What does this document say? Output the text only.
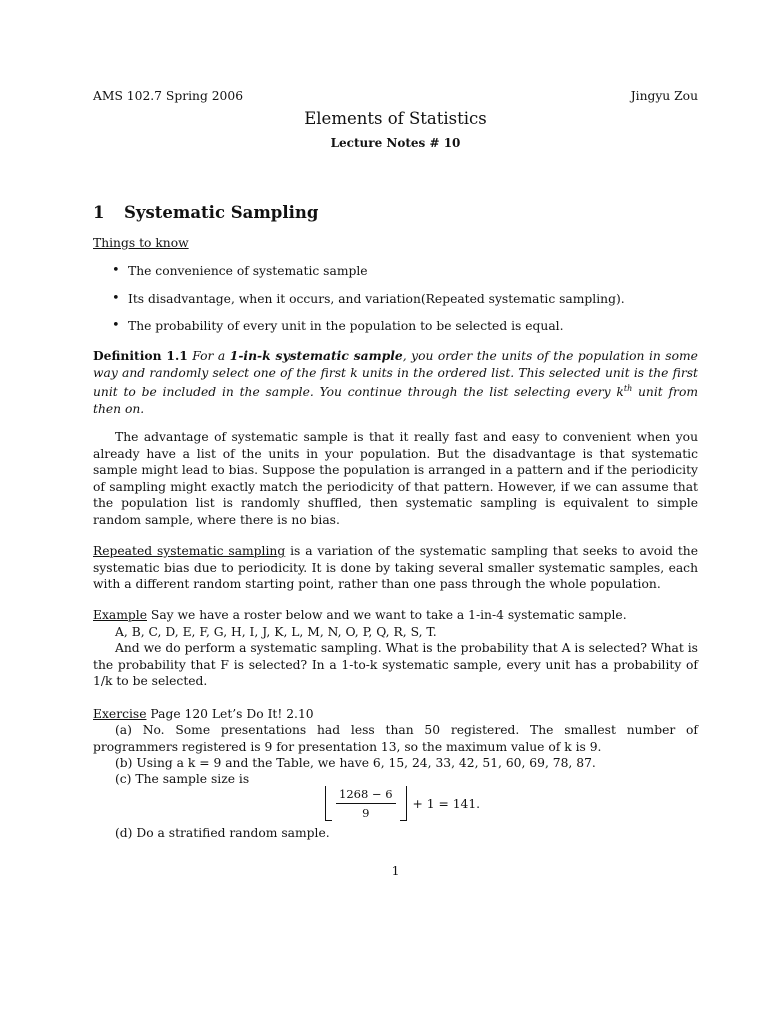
AMS 102.7 Spring 2006	Jingyu Zou
Elements of Statistics
Lecture Notes # 10
1 Systematic Sampling
Things to know
• The convenience of systematic sample
• Its disadvantage, when it occurs, and variation(Repeated systematic sampling).
• The probability of every unit in the population to be selected is equal.
Definition 1.1 For a 1-in-k systematic sample, you order the units of the population in some way and randomly select one of the first k units in the ordered list. This selected unit is the first unit to be included in the sample. You continue through the list selecting every $k^{th}$ unit from then on.
The advantage of systematic sample is that it really fast and easy to convenient when you already have a list of the units in your population. But the disadvantage is that systematic sample might lead to bias. Suppose the population is arranged in a pattern and if the periodicity of sampling might exactly match the periodicity of that pattern. However, if we can assume that the population list is randomly shuffled, then systematic sampling is equivalent to simple random sample, where there is no bias.
Repeated systematic sampling is a variation of the systematic sampling that seeks to avoid the systematic bias due to periodicity. It is done by taking several smaller systematic samples, each with a different random starting point, rather than one pass through the whole population.
Example Say we have a roster below and we want to take a 1-in-4 systematic sample.
A, B, C, D, E, F, G, H, I, J, K, L, M, N, O, P, Q, R, S, T.
And we do perform a systematic sampling. What is the probability that A is selected? What is the probability that F is selected? In a 1-to-k systematic sample, every unit has a probability of 1/k to be selected.
Exercise Page 120 Let’s Do It! 2.10
(a) No. Some presentations had less than 50 registered. The smallest number of programmers registered is 9 for presentation 13, so the maximum value of k is 9.
(b) Using a k = 9 and the Table, we have 6, 15, 24, 33, 42, 51, 60, 69, 78, 87.
(c) The sample size is
$\frac{1268 - 6}{9} + 1 = 141$.
(d) Do a stratified random sample.
1
